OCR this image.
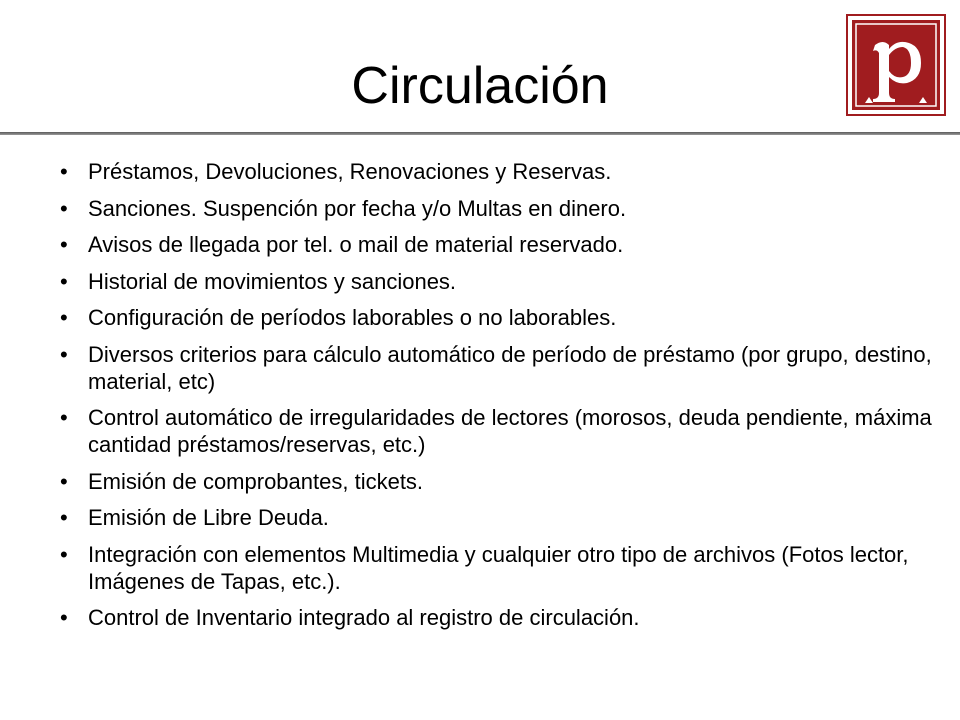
Circulación
• Préstamos, Devoluciones, Renovaciones y Reservas.
• Sanciones. Suspención por fecha y/o Multas en dinero.
• Avisos de llegada por tel. o mail de material reservado.
• Historial de movimientos y sanciones.
• Configuración de períodos laborables o no laborables.
• Diversos criterios para cálculo automático de período de préstamo (por grupo, destino, material, etc)
• Control automático de irregularidades de lectores (morosos, deuda pendiente, máxima cantidad préstamos/reservas, etc.)
• Emisión de comprobantes, tickets.
• Emisión de Libre Deuda.
• Integración con elementos Multimedia y cualquier otro tipo de archivos (Fotos lector, Imágenes de Tapas, etc.).
• Control de Inventario integrado al registro de circulación.
